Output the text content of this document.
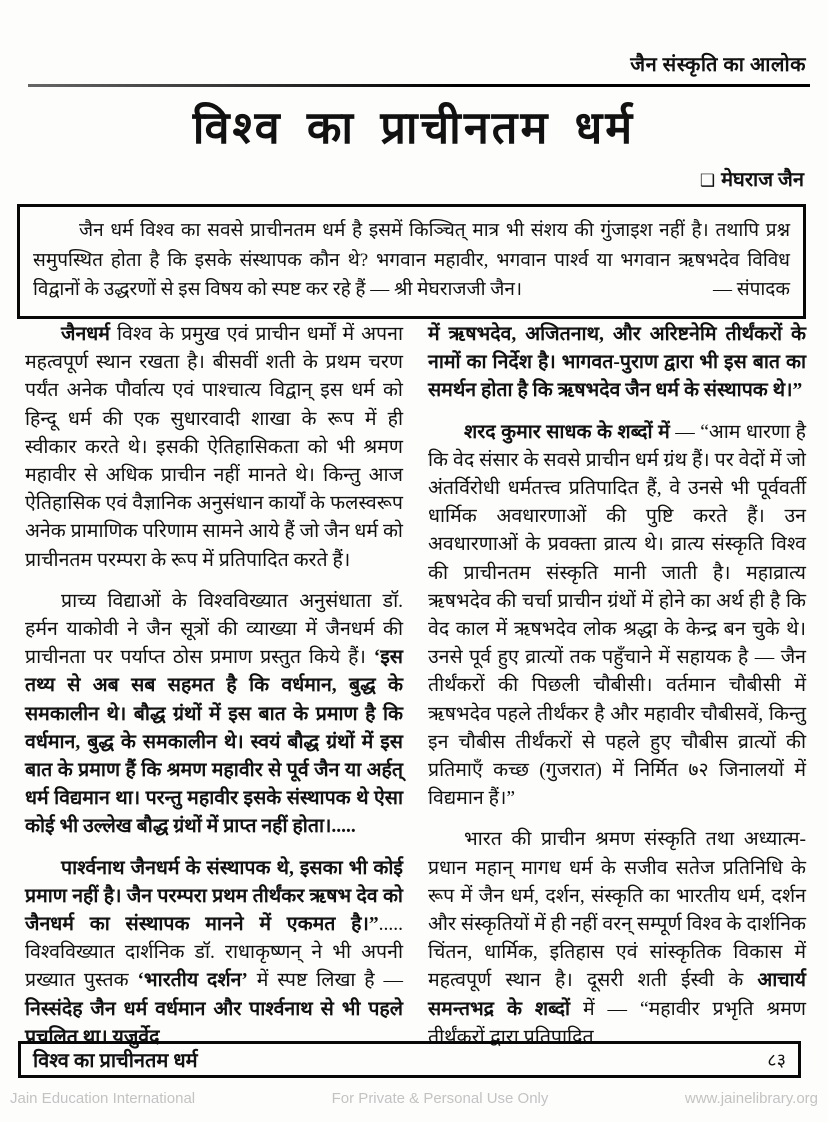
जैन संस्कृति का आलोक
विश्व का प्राचीनतम धर्म
❑ मेघराज जैन
जैन धर्म विश्व का सवसे प्राचीनतम धर्म है इसमें किञ्चित् मात्र भी संशय की गुंजाइश नहीं है। तथापि प्रश्न समुपस्थित होता है कि इसके संस्थापक कौन थे? भगवान महावीर, भगवान पार्श्व या भगवान ऋषभदेव विविध विद्वानों के उद्धरणों से इस विषय को स्पष्ट कर रहे हैं — श्री मेघराजजी जैन।	— संपादक

जैनधर्म विश्व के प्रमुख एवं प्राचीन धर्मों में अपना महत्वपूर्ण स्थान रखता है। बीसवीं शती के प्रथम चरण पर्यंत अनेक पौर्वात्य एवं पाश्चात्य विद्वान् इस धर्म को हिन्दू धर्म की एक सुधारवादी शाखा के रूप में ही स्वीकार करते थे। इसकी ऐतिहासिकता को भी श्रमण महावीर से अधिक प्राचीन नहीं मानते थे। किन्तु आज ऐतिहासिक एवं वैज्ञानिक अनुसंधान कार्यों के फलस्वरूप अनेक प्रामाणिक परिणाम सामने आये हैं जो जैन धर्म को प्राचीनतम परम्परा के रूप में प्रतिपादित करते हैं।

प्राच्य विद्याओं के विश्वविख्यात अनुसंधाता डॉ. हर्मन याकोवी ने जैन सूत्रों की व्याख्या में जैनधर्म की प्राचीनता पर पर्याप्त ठोस प्रमाण प्रस्तुत किये हैं। ‘इस तथ्य से अब सब सहमत है कि वर्धमान, बुद्ध के समकालीन थे। बौद्ध ग्रंथों में इस बात के प्रमाण है कि वर्धमान, बुद्ध के समकालीन थे। स्वयं बौद्ध ग्रंथों में इस बात के प्रमाण हैं कि श्रमण महावीर से पूर्व जैन या अर्हत् धर्म विद्यमान था। परन्तु महावीर इसके संस्थापक थे ऐसा कोई भी उल्लेख बौद्ध ग्रंथों में प्राप्त नहीं होता।.....

पार्श्वनाथ जैनधर्म के संस्थापक थे, इसका भी कोई प्रमाण नहीं है। जैन परम्परा प्रथम तीर्थंकर ऋषभ देव को जैनधर्म का संस्थापक मानने में एकमत है।”..... विश्वविख्यात दार्शनिक डॉ. राधाकृष्णन् ने भी अपनी प्रख्यात पुस्तक ‘भारतीय दर्शन’ में स्पष्ट लिखा है — निस्संदेह जैन धर्म वर्धमान और पार्श्वनाथ से भी पहले प्रचलित था। यजुर्वेद

में ऋषभदेव, अजितनाथ, और अरिष्टनेमि तीर्थंकरों के नामों का निर्देश है। भागवत-पुराण द्वारा भी इस बात का समर्थन होता है कि ऋषभदेव जैन धर्म के संस्थापक थे।”

शरद कुमार साधक के शब्दों में — “आम धारणा है कि वेद संसार के सवसे प्राचीन धर्म ग्रंथ हैं। पर वेदों में जो अंतर्विरोधी धर्मतत्त्व प्रतिपादित हैं, वे उनसे भी पूर्ववर्ती धार्मिक अवधारणाओं की पुष्टि करते हैं। उन अवधारणाओं के प्रवक्ता व्रात्य थे। व्रात्य संस्कृति विश्व की प्राचीनतम संस्कृति मानी जाती है। महाव्रात्य ऋषभदेव की चर्चा प्राचीन ग्रंथों में होने का अर्थ ही है कि वेद काल में ऋषभदेव लोक श्रद्धा के केन्द्र बन चुके थे। उनसे पूर्व हुए व्रात्यों तक पहुँचाने में सहायक है — जैन तीर्थंकरों की पिछली चौबीसी। वर्तमान चौबीसी में ऋषभदेव पहले तीर्थंकर है और महावीर चौबीसवें, किन्तु इन चौबीस तीर्थंकरों से पहले हुए चौबीस व्रात्यों की प्रतिमाएँ कच्छ (गुजरात) में निर्मित ७२ जिनालयों में विद्यमान हैं।”

भारत की प्राचीन श्रमण संस्कृति तथा अध्यात्म-प्रधान महान् मागध धर्म के सजीव सतेज प्रतिनिधि के रूप में जैन धर्म, दर्शन, संस्कृति का भारतीय धर्म, दर्शन और संस्कृतियों में ही नहीं वरन् सम्पूर्ण विश्व के दार्शनिक चिंतन, धार्मिक, इतिहास एवं सांस्कृतिक विकास में महत्वपूर्ण स्थान है। दूसरी शती ईस्वी के आचार्य समन्तभद्र के शब्दों में — “महावीर प्रभृति श्रमण तीर्थंकरों द्वारा प्रतिपादित

विश्व का प्राचीनतम धर्म	८३
Jain Education International	For Private & Personal Use Only	www.jainelibrary.org
